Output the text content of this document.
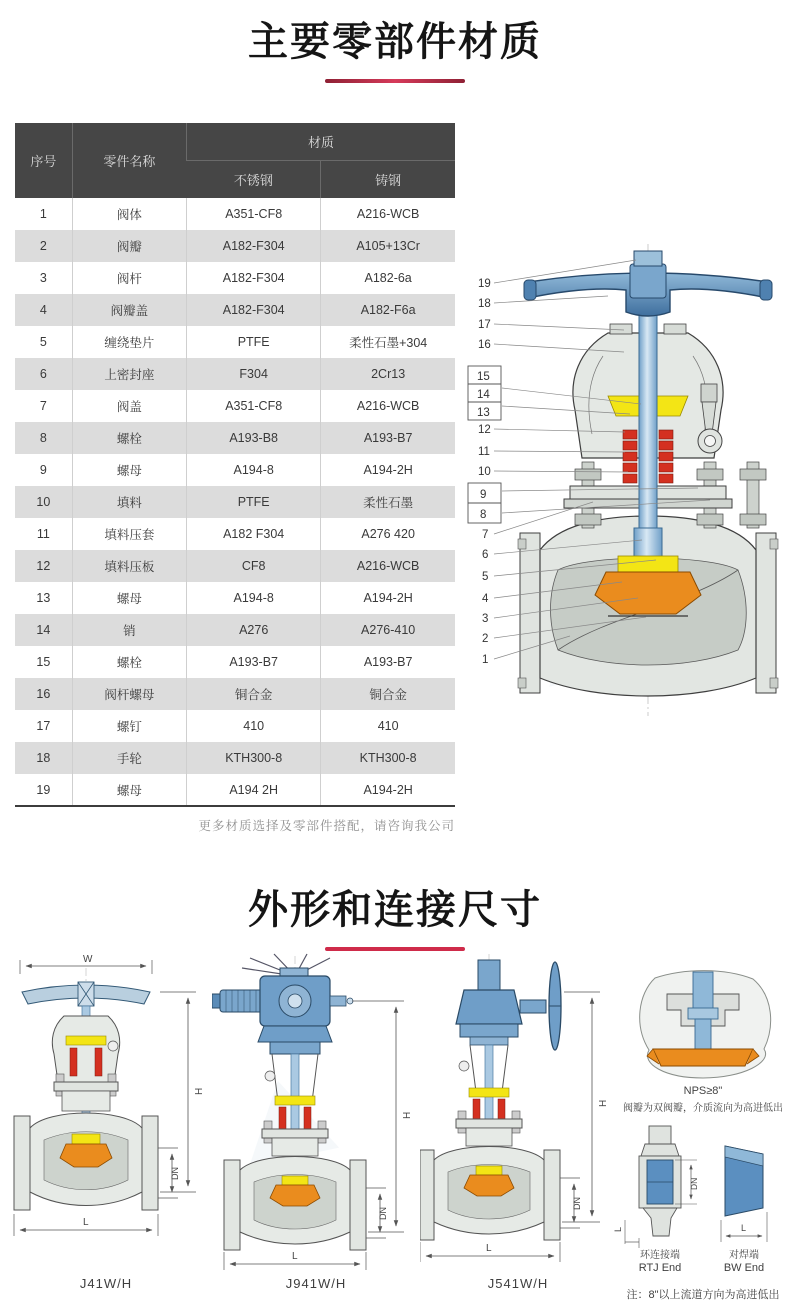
主要零部件材质
序号	零件名称	材质	
		不锈钢	铸钢
1	阀体	A351-CF8	A216-WCB
2	阀瓣	A182-F304	A105+13Cr
3	阀杆	A182-F304	A182-6a
4	阀瓣盖	A182-F304	A182-F6a
5	缠绕垫片	PTFE	柔性石墨+304
6	上密封座	F304	2Cr13
7	阀盖	A351-CF8	A216-WCB
8	螺栓	A193-B8	A193-B7
9	螺母	A194-8	A194-2H
10	填料	PTFE	柔性石墨
11	填料压套	A182 F304	A276 420
12	填料压板	CF8	A216-WCB
13	螺母	A194-8	A194-2H
14	销	A276	A276-410
15	螺栓	A193-B7	A193-B7
16	阀杆螺母	铜合金	铜合金
17	螺钉	410	410
18	手轮	KTH300-8	KTH300-8
19	螺母	A194 2H	A194-2H
更多材质选择及零部件搭配，请咨询我公司
19
18
17
16
15
14
13
12
11
10
9
8
7
6
5
4
3
2
1
外形和连接尺寸
W
H
DN
L
J41W/H
H
DN
L
J941W/H
H
DN
L
J541W/H
NPS≥8"
阀瓣为双阀瓣，介质流向为高进低出
DN
L	L
环连接端
RTJ End
对焊端
BW End
注：8"以上流道方向为高进低出
